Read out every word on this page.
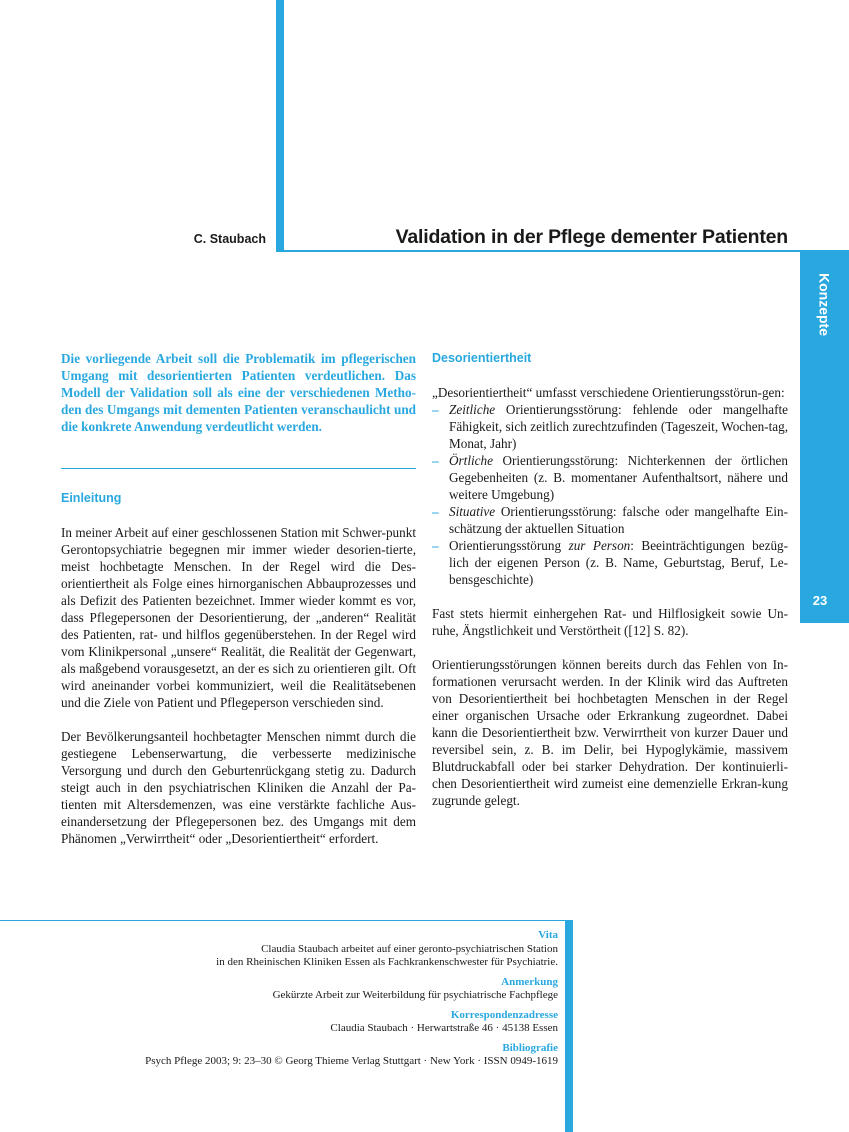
C. Staubach	Validation in der Pflege dementer Patienten
Konzepte
23

Die vorliegende Arbeit soll die Problematik im pflegerischen Umgang mit desorientierten Patienten verdeutlichen. Das Modell der Validation soll als eine der verschiedenen Metho-den des Umgangs mit dementen Patienten veranschaulicht und die konkrete Anwendung verdeutlicht werden.

Einleitung

In meiner Arbeit auf einer geschlossenen Station mit Schwer-punkt Gerontopsychiatrie begegnen mir immer wieder desorien-tierte, meist hochbetagte Menschen. In der Regel wird die Des-orientiertheit als Folge eines hirnorganischen Abbauprozesses und als Defizit des Patienten bezeichnet. Immer wieder kommt es vor, dass Pflegepersonen der Desorientierung, der „anderen“ Realität des Patienten, rat- und hilflos gegenüberstehen. In der Regel wird vom Klinikpersonal „unsere“ Realität, die Realität der Gegenwart, als maßgebend vorausgesetzt, an der es sich zu orientieren gilt. Oft wird aneinander vorbei kommuniziert, weil die Realitätsebenen und die Ziele von Patient und Pflegeperson verschieden sind.

Der Bevölkerungsanteil hochbetagter Menschen nimmt durch die gestiegene Lebenserwartung, die verbesserte medizinische Versorgung und durch den Geburtenrückgang stetig zu. Dadurch steigt auch in den psychiatrischen Kliniken die Anzahl der Pa-tienten mit Altersdemenzen, was eine verstärkte fachliche Aus-einandersetzung der Pflegepersonen bez. des Umgangs mit dem Phänomen „Verwirrtheit“ oder „Desorientiertheit“ erfordert.

Desorientiertheit

„Desorientiertheit“ umfasst verschiedene Orientierungsstörun-gen:

– Zeitliche Orientierungsstörung: fehlende oder mangelhafte Fähigkeit, sich zeitlich zurechtzufinden (Tageszeit, Wochen-tag, Monat, Jahr)
– Örtliche Orientierungsstörung: Nichterkennen der örtlichen Gegebenheiten (z. B. momentaner Aufenthaltsort, nähere und weitere Umgebung)
– Situative Orientierungsstörung: falsche oder mangelhafte Ein-schätzung der aktuellen Situation
– Orientierungsstörung zur Person: Beeinträchtigungen bezüg-lich der eigenen Person (z. B. Name, Geburtstag, Beruf, Le-bensgeschichte)

Fast stets hiermit einhergehen Rat- und Hilflosigkeit sowie Un-ruhe, Ängstlichkeit und Verstörtheit ([12] S. 82).

Orientierungsstörungen können bereits durch das Fehlen von In-formationen verursacht werden. In der Klinik wird das Auftreten von Desorientiertheit bei hochbetagten Menschen in der Regel einer organischen Ursache oder Erkrankung zugeordnet. Dabei kann die Desorientiertheit bzw. Verwirrtheit von kurzer Dauer und reversibel sein, z. B. im Delir, bei Hypoglykämie, massivem Blutdruckabfall oder bei starker Dehydration. Der kontinuierli-chen Desorientiertheit wird zumeist eine demenzielle Erkran-kung zugrunde gelegt.

Vita
Claudia Staubach arbeitet auf einer geronto-psychiatrischen Station
in den Rheinischen Kliniken Essen als Fachkrankenschwester für Psychiatrie.
Anmerkung
Gekürzte Arbeit zur Weiterbildung für psychiatrische Fachpflege
Korrespondenzadresse
Claudia Staubach · Herwartstraße 46 · 45138 Essen
Bibliografie
Psych Pflege 2003; 9: 23–30 © Georg Thieme Verlag Stuttgart · New York · ISSN 0949-1619
